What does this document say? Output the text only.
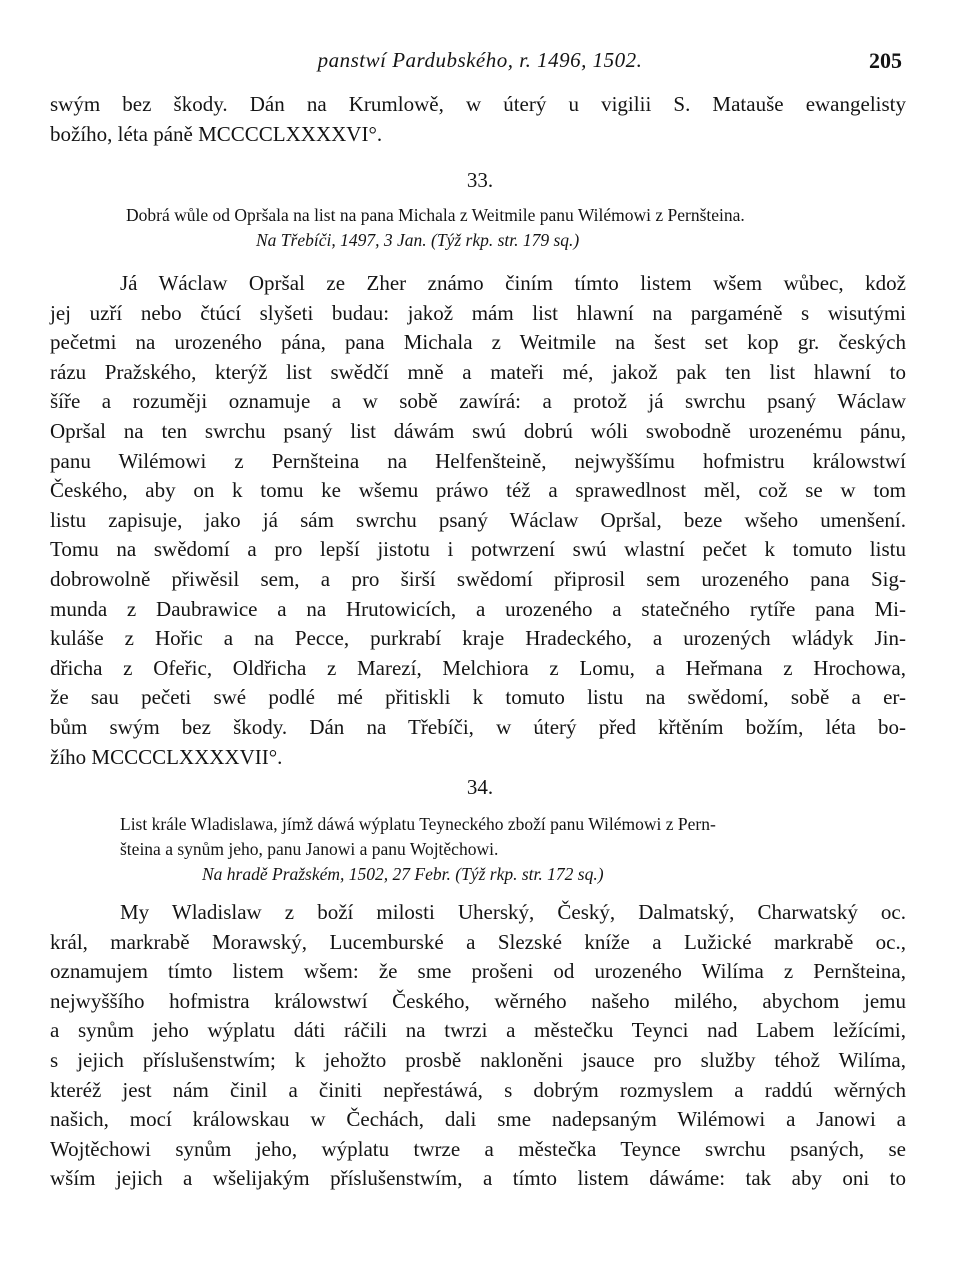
panstwí Pardubského, r. 1496, 1502.	205
swým bez škody. Dán na Krumlowě, w úterý u vigilii S. Matauše ewangelisty
božího, léta páně MCCCCLXXXXVI°.
33.
Dobrá wůle od Opršala na list na pana Michala z Weitmile panu Wilémowi z Pernšteina.
Na Třebíči, 1497, 3 Jan. (Týž rkp. str. 179 sq.)
Já Wáclaw Opršal ze Zher známo činím tímto listem wšem wůbec, kdož
jej uzří nebo čtúcí slyšeti budau: jakož mám list hlawní na pargaméně s wisutými
pečetmi na urozeného pána, pana Michala z Weitmile na šest set kop gr. českých
rázu Pražského, kterýž list swědčí mně a mateři mé, jakož pak ten list hlawní to
šíře a rozuměji oznamuje a w sobě zawírá: a protož já swrchu psaný Wáclaw
Opršal na ten swrchu psaný list dáwám swú dobrú wóli swobodně urozenému pánu,
panu Wilémowi z Pernšteina na Helfenšteině, nejwyššímu hofmistru králowstwí
Českého, aby on k tomu ke wšemu práwo též a sprawedlnost měl, což se w tom
listu zapisuje, jako já sám swrchu psaný Wáclaw Opršal, beze wšeho umenšení.
Tomu na swědomí a pro lepší jistotu i potwrzení swú wlastní pečet k tomuto listu
dobrowolně přiwěsil sem, a pro širší swědomí připrosil sem urozeného pana Sig-
munda z Daubrawice a na Hrutowicích, a urozeného a statečného rytíře pana Mi-
kuláše z Hořic a na Pecce, purkrabí kraje Hradeckého, a urozených wládyk Jin-
dřicha z Ofeřic, Oldřicha z Marezí, Melchiora z Lomu, a Heřmana z Hrochowa,
že sau pečeti swé podlé mé přitiskli k tomuto listu na swědomí, sobě a er-
bům swým bez škody. Dán na Třebíči, w úterý před křtěním božím, léta bo-
žího MCCCCLXXXXVII°.
34.
List krále Wladislawa, jímž dáwá wýplatu Teyneckého zboží panu Wilémowi z Pern-
šteina a synům jeho, panu Janowi a panu Wojtěchowi.
Na hradě Pražském, 1502, 27 Febr. (Týž rkp. str. 172 sq.)
My Wladislaw z boží milosti Uherský, Český, Dalmatský, Charwatský oc.
král, markrabě Morawský, Lucemburské a Slezské kníže a Lužické markrabě oc.,
oznamujem tímto listem wšem: že sme prošeni od urozeného Wilíma z Pernšteina,
nejwyššího hofmistra králowstwí Českého, wěrného našeho milého, abychom jemu
a synům jeho wýplatu dáti ráčili na twrzi a městečku Teynci nad Labem ležícími,
s jejich příslušenstwím; k jehožto prosbě nakloněni jsauce pro služby téhož Wilíma,
kteréž jest nám činil a činiti nepřestáwá, s dobrým rozmyslem a raddú wěrných
našich, mocí králowskau w Čechách, dali sme nadepsaným Wilémowi a Janowi a
Wojtěchowi synům jeho, wýplatu twrze a městečka Teynce swrchu psaných, se
wším jejich a wšelijakým příslušenstwím, a tímto listem dáwáme: tak aby oni to
